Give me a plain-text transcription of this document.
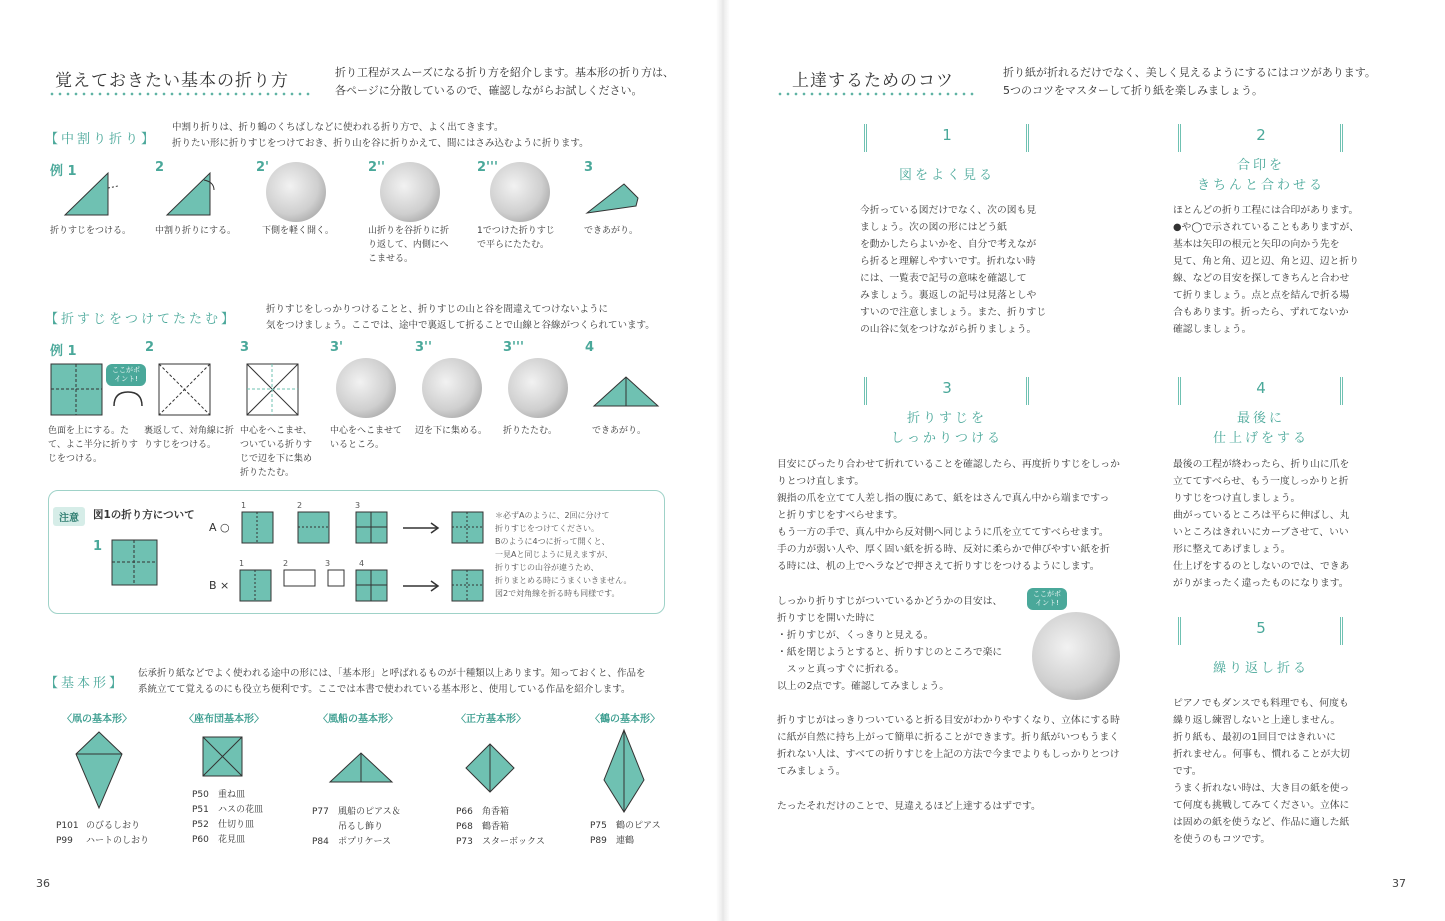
覚えておきたい基本の折り方	折り工程がスムーズになる折り方を紹介します。基本形の折り方は、
各ページに分散しているので、確認しながらお試しください。
【中割り折り】
中割り折りは、折り鶴のくちばしなどに使われる折り方で、よく出てきます。
折りたい形に折りすじをつけておき、折り山を谷に折りかえて、間にはさみ込むように折ります。
例 1
折りすじをつける。
2
中割り折りにする。
2'
下側を軽く開く。
2''
山折りを谷折りに折り返して、内側にへこませる。
2'''
1でつけた折りすじで平らにたたむ。
3
できあがり。
【折すじをつけてたたむ】
折りすじをしっかりつけることと、折りすじの山と谷を間違えてつけないように
気をつけましょう。ここでは、途中で裏返して折ることで山線と谷線がつくられています。
例 1
ここがポイント!
色面を上にする。たて、よこ半分に折りすじをつける。
2
裏返して、対角線に折りすじをつける。
3
中心をへこませ、ついている折りすじで辺を下に集め折りたたむ。
3'
中心をへこませているところ。
3''
辺を下に集める。
3'''
折りたたむ。
4
できあがり。
注意	図1の折り方について
1
A ○
B ×
1	2	3
1	2	3	4
＊必ずAのように、2回に分けて
折りすじをつけてください。
Bのように4つに折って開くと、
一見Aと同じように見えますが、
折りすじの山谷が違うため、
折りまとめる時にうまくいきません。
図2で対角線を折る時も同様です。
【基本形】
伝承折り紙などでよく使われる途中の形には、「基本形」と呼ばれるものが十種類以上あります。知っておくと、作品を
系統立てて覚えるのにも役立ち便利です。ここでは本書で使われている基本形と、使用している作品を紹介します。
〈凧の基本形〉
P101 のびるしおり
P99 ハートのしおり
〈座布団基本形〉
P50 重ね皿
P51 ハスの花皿
P52 仕切り皿
P60 花見皿
〈風船の基本形〉
P77 風船のピアス＆
吊るし飾り
P84 ポプリケース
〈正方基本形〉
P66 角香箱
P68 鶴香箱
P73 スターボックス
〈鶴の基本形〉
P75 鶴のピアス
P89 連鶴
36
上達するためのコツ	折り紙が折れるだけでなく、美しく見えるようにするにはコツがあります。
5つのコツをマスターして折り紙を楽しみましょう。
1
図をよく見る
今折っている図だけでなく、次の図も見
ましょう。次の図の形にはどう紙
を動かしたらよいかを、自分で考えなが
ら折ると理解しやすいです。折れない時
には、一覧表で記号の意味を確認して
みましょう。裏返しの記号は見落としや
すいので注意しましょう。また、折りすじ
の山谷に気をつけながら折りましょう。
2
合印を
きちんと合わせる
ほとんどの折り工程には合印があります。
●や◯で示されていることもありますが、
基本は矢印の根元と矢印の向かう先を
見て、角と角、辺と辺、角と辺、辺と折り
線、などの目安を探してきちんと合わせ
て折りましょう。点と点を結んで折る場
合もあります。折ったら、ずれてないか
確認しましょう。
3
折りすじを
しっかりつける
目安にぴったり合わせて折れていることを確認したら、再度折りすじをしっか
りとつけ直します。
親指の爪を立てて人差し指の腹にあて、紙をはさんで真ん中から端まですっ
と折りすじをすべらせます。
もう一方の手で、真ん中から反対側へ同じように爪を立ててすべらせます。
手の力が弱い人や、厚く固い紙を折る時、反対に柔らかで伸びやすい紙を折
る時には、机の上でヘラなどで押さえて折りすじをつけるようにします。
しっかり折りすじがついているかどうかの目安は、
折りすじを開いた時に
・折りすじが、くっきりと見える。
・紙を閉じようとすると、折りすじのところで楽に
　スッと真っすぐに折れる。
以上の2点です。確認してみましょう。
ここがポイント!
折りすじがはっきりついていると折る目安がわかりやすくなり、立体にする時
に紙が自然に持ち上がって簡単に折ることができます。折り紙がいつもうまく
折れない人は、すべての折りすじを上記の方法で今までよりもしっかりとつけ
てみましょう。
たったそれだけのことで、見違えるほど上達するはずです。
4
最後に
仕上げをする
最後の工程が終わったら、折り山に爪を
立ててすべらせ、もう一度しっかりと折
りすじをつけ直しましょう。
曲がっているところは平らに伸ばし、丸
いところはきれいにカーブさせて、いい
形に整えてあげましょう。
仕上げをするのとしないのでは、できあ
がりがまったく違ったものになります。
5
繰り返し折る
ピアノでもダンスでも料理でも、何度も
繰り返し練習しないと上達しません。
折り紙も、最初の1回目ではきれいに
折れません。何事も、慣れることが大切
です。
うまく折れない時は、大き目の紙を使っ
て何度も挑戦してみてください。立体に
は固めの紙を使うなど、作品に適した紙
を使うのもコツです。
37
